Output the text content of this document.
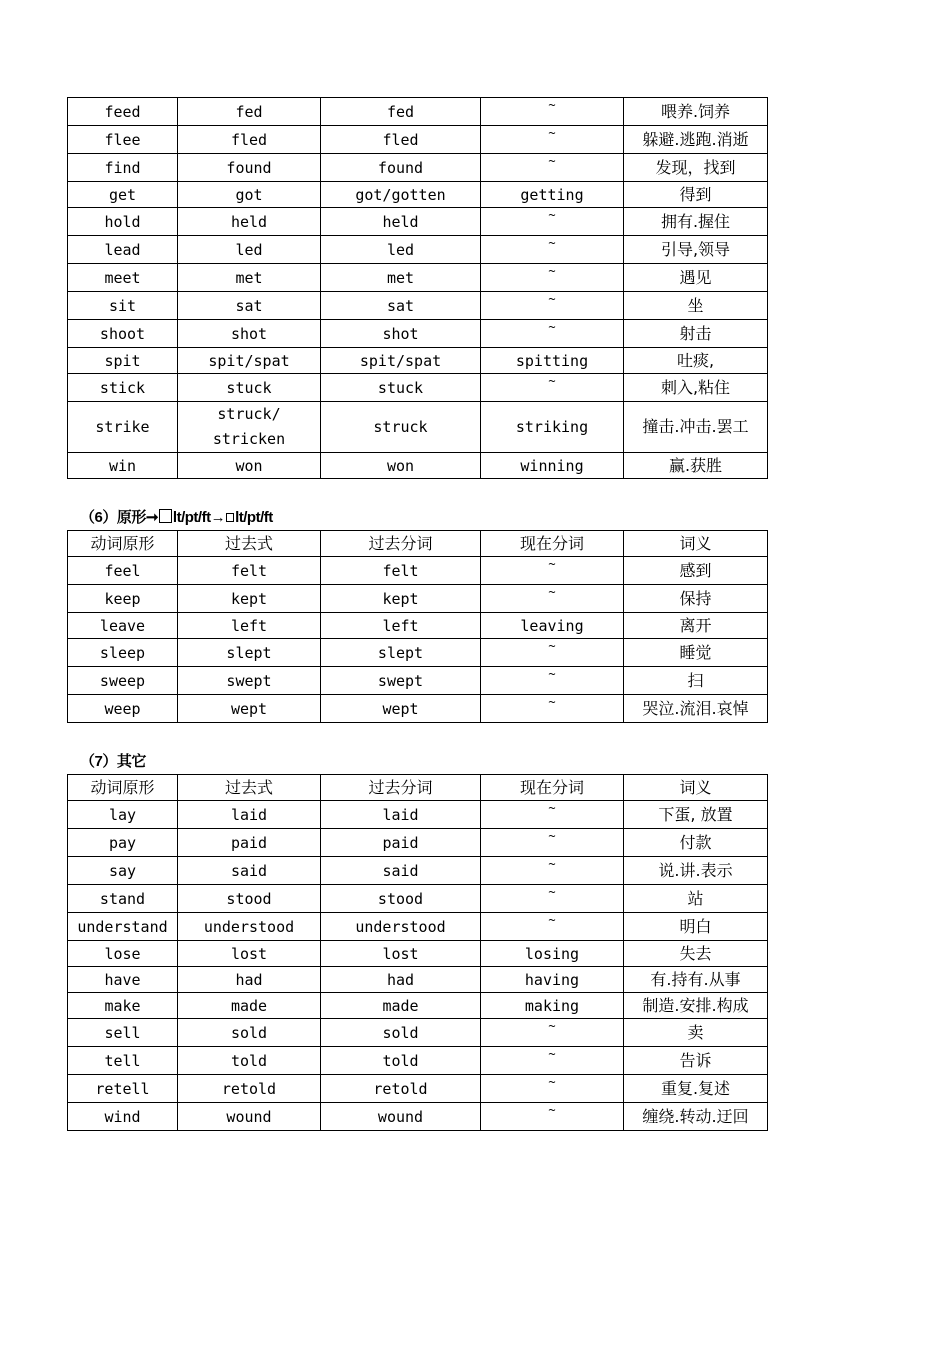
feed	fed	fed	~	喂养.饲养
flee	fled	fled	~	躲避.逃跑.消逝
find	found	found	~	发现，找到
get	got	got/gotten	getting	得到
hold	held	held	~	拥有.握住
lead	led	led	~	引导,领导
meet	met	met	~	遇见
sit	sat	sat	~	坐
shoot	shot	shot	~	射击
spit	spit/spat	spit/spat	spitting	吐痰,
stick	stuck	stuck	~	刺入,粘住
strike	struck/ stricken	struck	striking	撞击.冲击.罢工
win	won	won	winning	赢.获胜
（6）原形➞ lt/pt/ft→ lt/pt/ft
动词原形	过去式	过去分词	现在分词	词义
feel	felt	felt	~	感到
keep	kept	kept	~	保持
leave	left	left	leaving	离开
sleep	slept	slept	~	睡觉
sweep	swept	swept	~	扫
weep	wept	wept	~	哭泣.流泪.哀悼
（7）其它
动词原形	过去式	过去分词	现在分词	词义
lay	laid	laid	~	下蛋, 放置
pay	paid	paid	~	付款
say	said	said	~	说.讲.表示
stand	stood	stood	~	站
understand	understood	understood	~	明白
lose	lost	lost	losing	失去
have	had	had	having	有.持有.从事
make	made	made	making	制造.安排.构成
sell	sold	sold	~	卖
tell	told	told	~	告诉
retell	retold	retold	~	重复.复述
wind	wound	wound	~	缠绕.转动.迂回
